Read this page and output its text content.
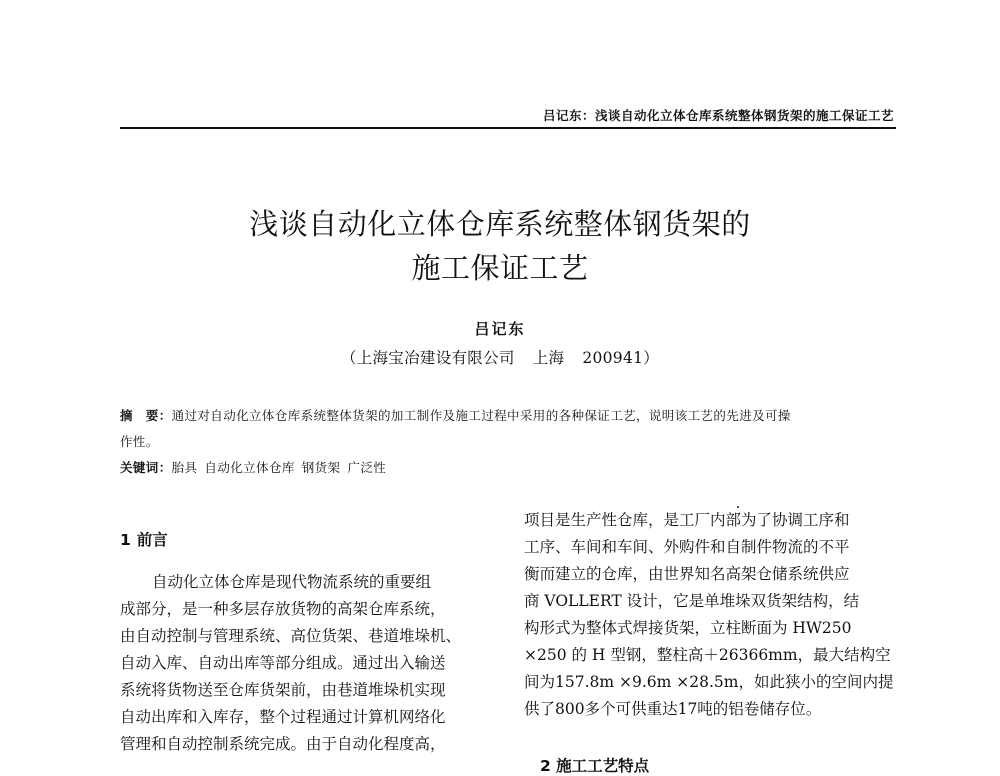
吕记东：浅谈自动化立体仓库系统整体钢货架的施工保证工艺
浅谈自动化立体仓库系统整体钢货架的
施工保证工艺
吕记东
（上海宝冶建设有限公司 上海 200941）
摘　要：通过对自动化立体仓库系统整体货架的加工制作及施工过程中采用的各种保证工艺，说明该工艺的先进及可操
作性。
关键词：胎具 自动化立体仓库 钢货架 广泛性
1 前言
自动化立体仓库是现代物流系统的重要组
成部分，是一种多层存放货物的高架仓库系统，
由自动控制与管理系统、高位货架、巷道堆垛机、
自动入库、自动出库等部分组成。通过出入输送
系统将货物送至仓库货架前，由巷道堆垛机实现
自动出库和入库存，整个过程通过计算机网络化
管理和自动控制系统完成。由于自动化程度高，
项目是生产性仓库，是工厂内部为了协调工序和
工序、车间和车间、外购件和自制件物流的不平
衡而建立的仓库，由世界知名高架仓储系统供应
商 VOLLERT 设计，它是单堆垛双货架结构，结
构形式为整体式焊接货架，立柱断面为 HW250
×250 的 H 型钢，整柱高＋26366mm，最大结构空
间为157.8m ×9.6m ×28.5m，如此狭小的空间内提
供了800多个可供重达17吨的铝卷储存位。
2 施工工艺特点
